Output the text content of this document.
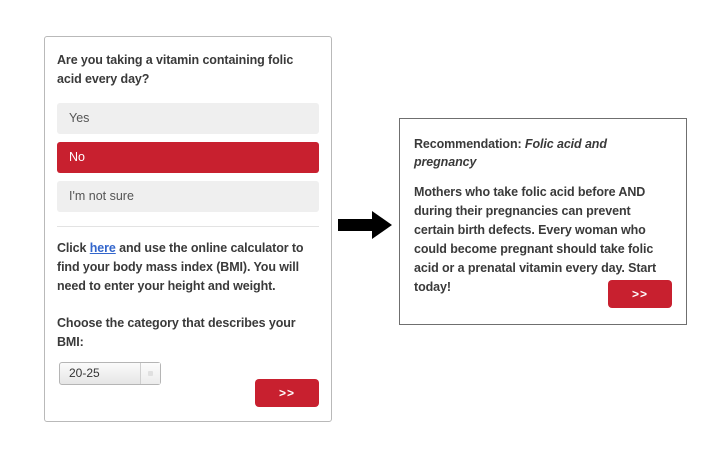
Are you taking a vitamin containing folic acid every day?

Yes
No
I'm not sure

Click here and use the online calculator to find your body mass index (BMI). You will need to enter your height and weight.

Choose the category that describes your BMI:

20-25
>>

Recommendation: Folic acid and pregnancy

Mothers who take folic acid before AND during their pregnancies can prevent certain birth defects. Every woman who could become pregnant should take folic acid or a prenatal vitamin every day. Start today!	>>
